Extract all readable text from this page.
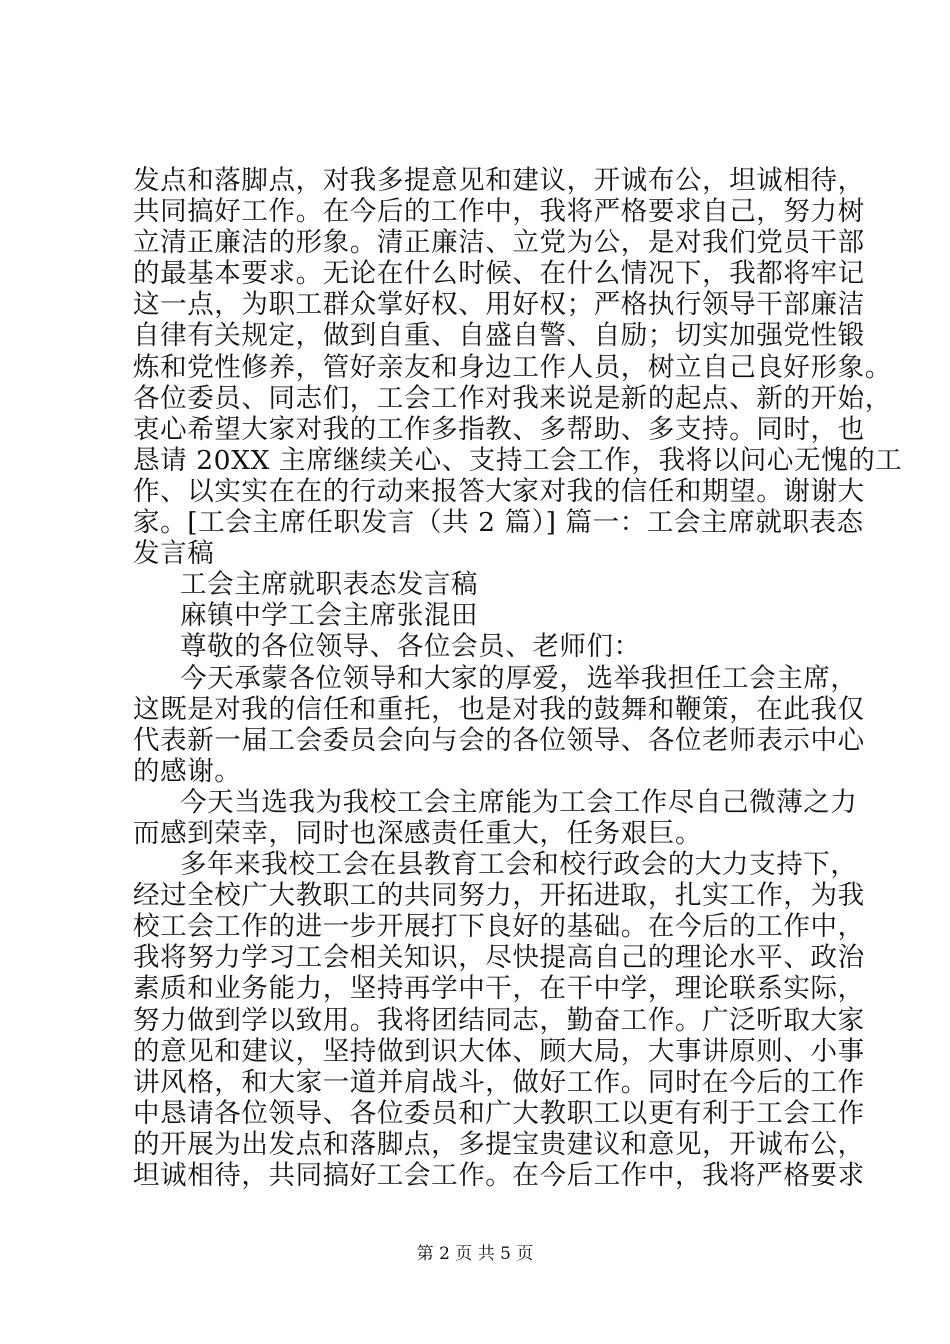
发点和落脚点，对我多提意见和建议，开诚布公，坦诚相待，
共同搞好工作。在今后的工作中，我将严格要求自己，努力树
立清正廉洁的形象。清正廉洁、立党为公，是对我们党员干部
的最基本要求。无论在什么时候、在什么情况下，我都将牢记
这一点，为职工群众掌好权、用好权；严格执行领导干部廉洁
自律有关规定，做到自重、自盛自警、自励；切实加强党性锻
炼和党性修养，管好亲友和身边工作人员，树立自己良好形象。
各位委员、同志们，工会工作对我来说是新的起点、新的开始，
衷心希望大家对我的工作多指教、多帮助、多支持。同时，也
恳请 20XX 主席继续关心、支持工会工作，我将以问心无愧的工
作、以实实在在的行动来报答大家对我的信任和期望。谢谢大
家。[工会主席任职发言（共 2 篇）] 篇一：工会主席就职表态
发言稿
工会主席就职表态发言稿
麻镇中学工会主席张混田
尊敬的各位领导、各位会员、老师们：
今天承蒙各位领导和大家的厚爱，选举我担任工会主席，
这既是对我的信任和重托，也是对我的鼓舞和鞭策，在此我仅
代表新一届工会委员会向与会的各位领导、各位老师表示中心
的感谢。
今天当选我为我校工会主席能为工会工作尽自己微薄之力
而感到荣幸，同时也深感责任重大，任务艰巨。
多年来我校工会在县教育工会和校行政会的大力支持下，
经过全校广大教职工的共同努力，开拓进取，扎实工作，为我
校工会工作的进一步开展打下良好的基础。在今后的工作中，
我将努力学习工会相关知识，尽快提高自己的理论水平、政治
素质和业务能力，坚持再学中干，在干中学，理论联系实际，
努力做到学以致用。我将团结同志，勤奋工作。广泛听取大家
的意见和建议，坚持做到识大体、顾大局，大事讲原则、小事
讲风格，和大家一道并肩战斗，做好工作。同时在今后的工作
中恳请各位领导、各位委员和广大教职工以更有利于工会工作
的开展为出发点和落脚点，多提宝贵建议和意见，开诚布公，
坦诚相待，共同搞好工会工作。在今后工作中，我将严格要求
第 2 页 共 5 页
